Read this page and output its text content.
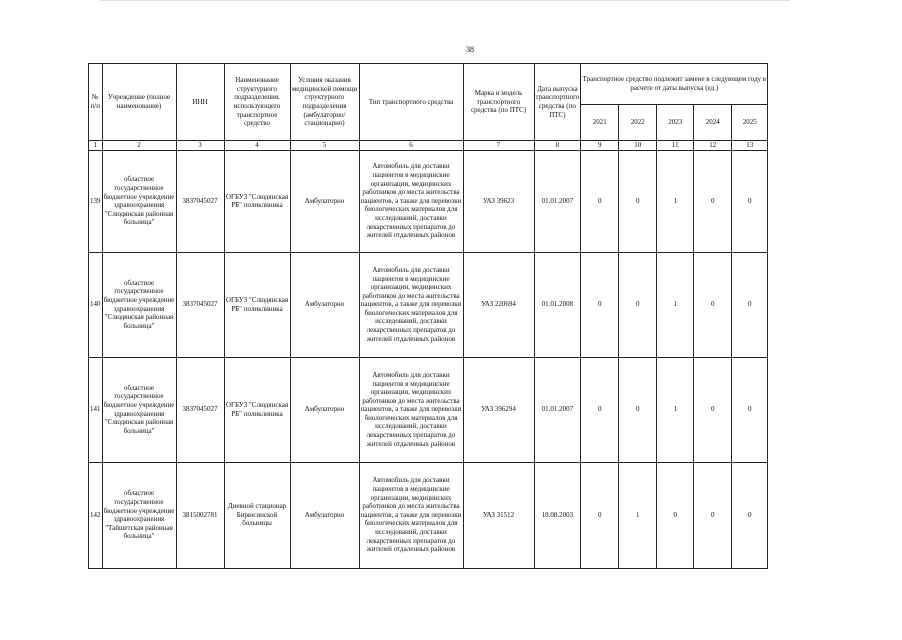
38
№ п/п	Учреждение (полное наименование)	ИНН	Наименование структурного подразделения, использующего транспортное средство	Условия оказания медицинской помощи структурного подразделения (амбулаторно/ стационарно)	Тип транспортного средства	Марка и модель транспортного средства (по ПТС)	Дата выпуска транспортного средства (по ПТС)	Транспортное средство подлежит замене в следующем году в расчете от даты выпуска (ед.)				
								2021	2022	2023	2024	2025
1	2	3	4	5	6	7	8	9	10	11	12	13
139	областное государственное бюджетное учреждение здравоохранения "Слюдянская районная больница"	3837045027	ОГБУЗ "Слюдянская РБ" поликлиника	Амбулаторно	Автомобиль для доставки пациентов в медицинские организации, медицинских работников до места жительства пациентов, а также для перевозки биологических материалов для исследований, доставки лекарственных препаратов до жителей отдаленных районов	УАЗ 39623	01.01.2007	0	0	1	0	0
140	областное государственное бюджетное учреждение здравоохранения "Слюдянская районная больница"	3837045027	ОГБУЗ "Слюдянская РБ" поликлиника	Амбулаторно	Автомобиль для доставки пациентов в медицинские организации, медицинских работников до места жительства пациентов, а также для перевозки биологических материалов для исследований, доставки лекарственных препаратов до жителей отдаленных районов	УАЗ 220694	01.01.2008	0	0	1	0	0
141	областное государственное бюджетное учреждение здравоохранения "Слюдянская районная больница"	3837045027	ОГБУЗ "Слюдянская РБ" поликлиника	Амбулаторно	Автомобиль для доставки пациентов в медицинские организации, медицинских работников до места жительства пациентов, а также для перевозки биологических материалов для исследований, доставки лекарственных препаратов до жителей отдаленных районов	УАЗ 396294	01.01.2007	0	0	1	0	0
142	областное государственное бюджетное учреждение здравоохранения "Тайшетская районная больница"	3815002781	Дневной стационар Бирюсинской больницы	Амбулаторно	Автомобиль для доставки пациентов в медицинские организации, медицинских работников до места жительства пациентов, а также для перевозки биологических материалов для исследований, доставки лекарственных препаратов до жителей отдаленных районов	УАЗ 31512	18.08.2003	0	1	0	0	0
